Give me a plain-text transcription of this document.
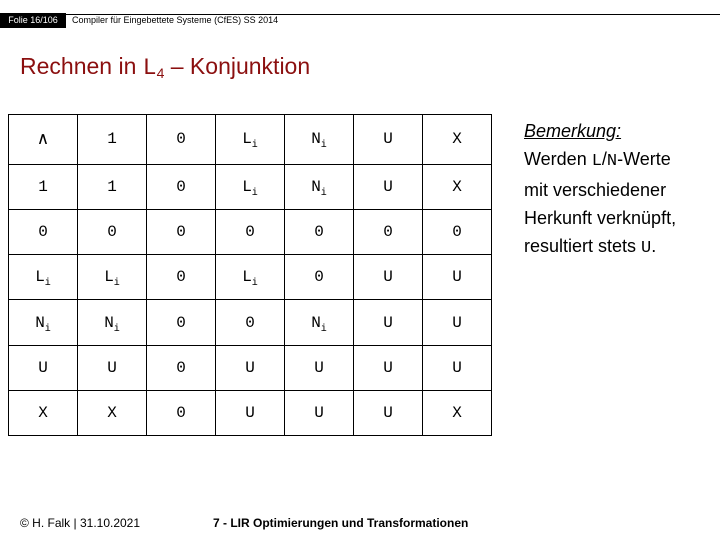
Folie 16/106	Compiler für Eingebettete Systeme (CfES) SS 2014
Rechnen in $L_4$ – Konjunktion
∧	1	0	$L_i$	$N_i$	U	X
1	1	0	$L_i$	$N_i$	U	X
0	0	0	0	0	0	0
$L_i$	$L_i$	0	$L_i$	0	U	U
$N_i$	$N_i$	0	0	$N_i$	U	U
U	U	0	U	U	U	U
X	X	0	U	U	U	X
Bemerkung:
Werden L/N-Werte
mit verschiedener
Herkunft verknüpft,
resultiert stets U.
© H. Falk | 31.10.2021	7 - LIR Optimierungen und Transformationen
